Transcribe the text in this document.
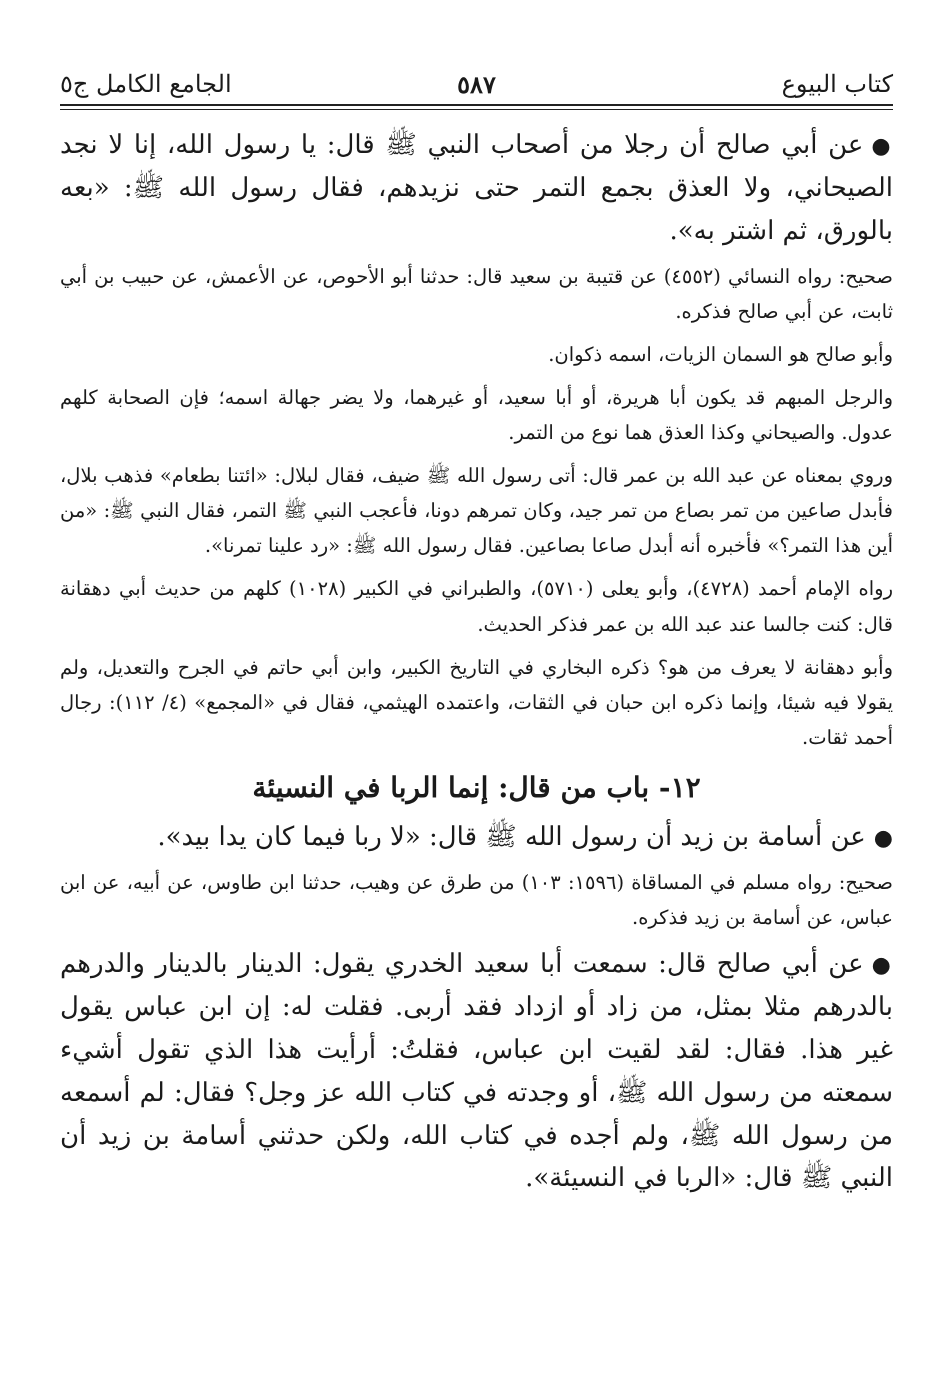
كتاب البيوع
٥٨٧
الجامع الكامل ج٥

●عن أبي صالح أن رجلا من أصحاب النبي ﷺ قال: يا رسول الله، إنا لا نجد الصيحاني، ولا العذق بجمع التمر حتى نزيدهم، فقال رسول الله ﷺ: «بعه بالورق، ثم اشتر به».

صحيح: رواه النسائي (٤٥٥٢) عن قتيبة بن سعيد قال: حدثنا أبو الأحوص، عن الأعمش، عن حبيب بن أبي ثابت، عن أبي صالح فذكره.

وأبو صالح هو السمان الزيات، اسمه ذكوان.

والرجل المبهم قد يكون أبا هريرة، أو أبا سعيد، أو غيرهما، ولا يضر جهالة اسمه؛ فإن الصحابة كلهم عدول. والصيحاني وكذا العذق هما نوع من التمر.

وروي بمعناه عن عبد الله بن عمر قال: أتى رسول الله ﷺ ضيف، فقال لبلال: «ائتنا بطعام» فذهب بلال، فأبدل صاعين من تمر بصاع من تمر جيد، وكان تمرهم دونا، فأعجب النبي ﷺ التمر، فقال النبي ﷺ: «من أين هذا التمر؟» فأخبره أنه أبدل صاعا بصاعين. فقال رسول الله ﷺ: «رد علينا تمرنا».

رواه الإمام أحمد (٤٧٢٨)، وأبو يعلى (٥٧١٠)، والطبراني في الكبير (١٠٢٨) كلهم من حديث أبي دهقانة قال: كنت جالسا عند عبد الله بن عمر فذكر الحديث.

وأبو دهقانة لا يعرف من هو؟ ذكره البخاري في التاريخ الكبير، وابن أبي حاتم في الجرح والتعديل، ولم يقولا فيه شيئا، وإنما ذكره ابن حبان في الثقات، واعتمده الهيثمي، فقال في «المجمع» (٤/ ١١٢): رجال أحمد ثقات.

١٢- باب من قال: إنما الربا في النسيئة

●عن أسامة بن زيد أن رسول الله ﷺ قال: «لا ربا فيما كان يدا بيد».

صحيح: رواه مسلم في المساقاة (١٥٩٦: ١٠٣) من طرق عن وهيب، حدثنا ابن طاوس، عن أبيه، عن ابن عباس، عن أسامة بن زيد فذكره.

●عن أبي صالح قال: سمعت أبا سعيد الخدري يقول: الدينار بالدينار والدرهم بالدرهم مثلا بمثل، من زاد أو ازداد فقد أربى. فقلت له: إن ابن عباس يقول غير هذا. فقال: لقد لقيت ابن عباس، فقلتُ: أرأيت هذا الذي تقول أشيء سمعته من رسول الله ﷺ، أو وجدته في كتاب الله عز وجل؟ فقال: لم أسمعه من رسول الله ﷺ، ولم أجده في كتاب الله، ولكن حدثني أسامة بن زيد أن النبي ﷺ قال: «الربا في النسيئة».
